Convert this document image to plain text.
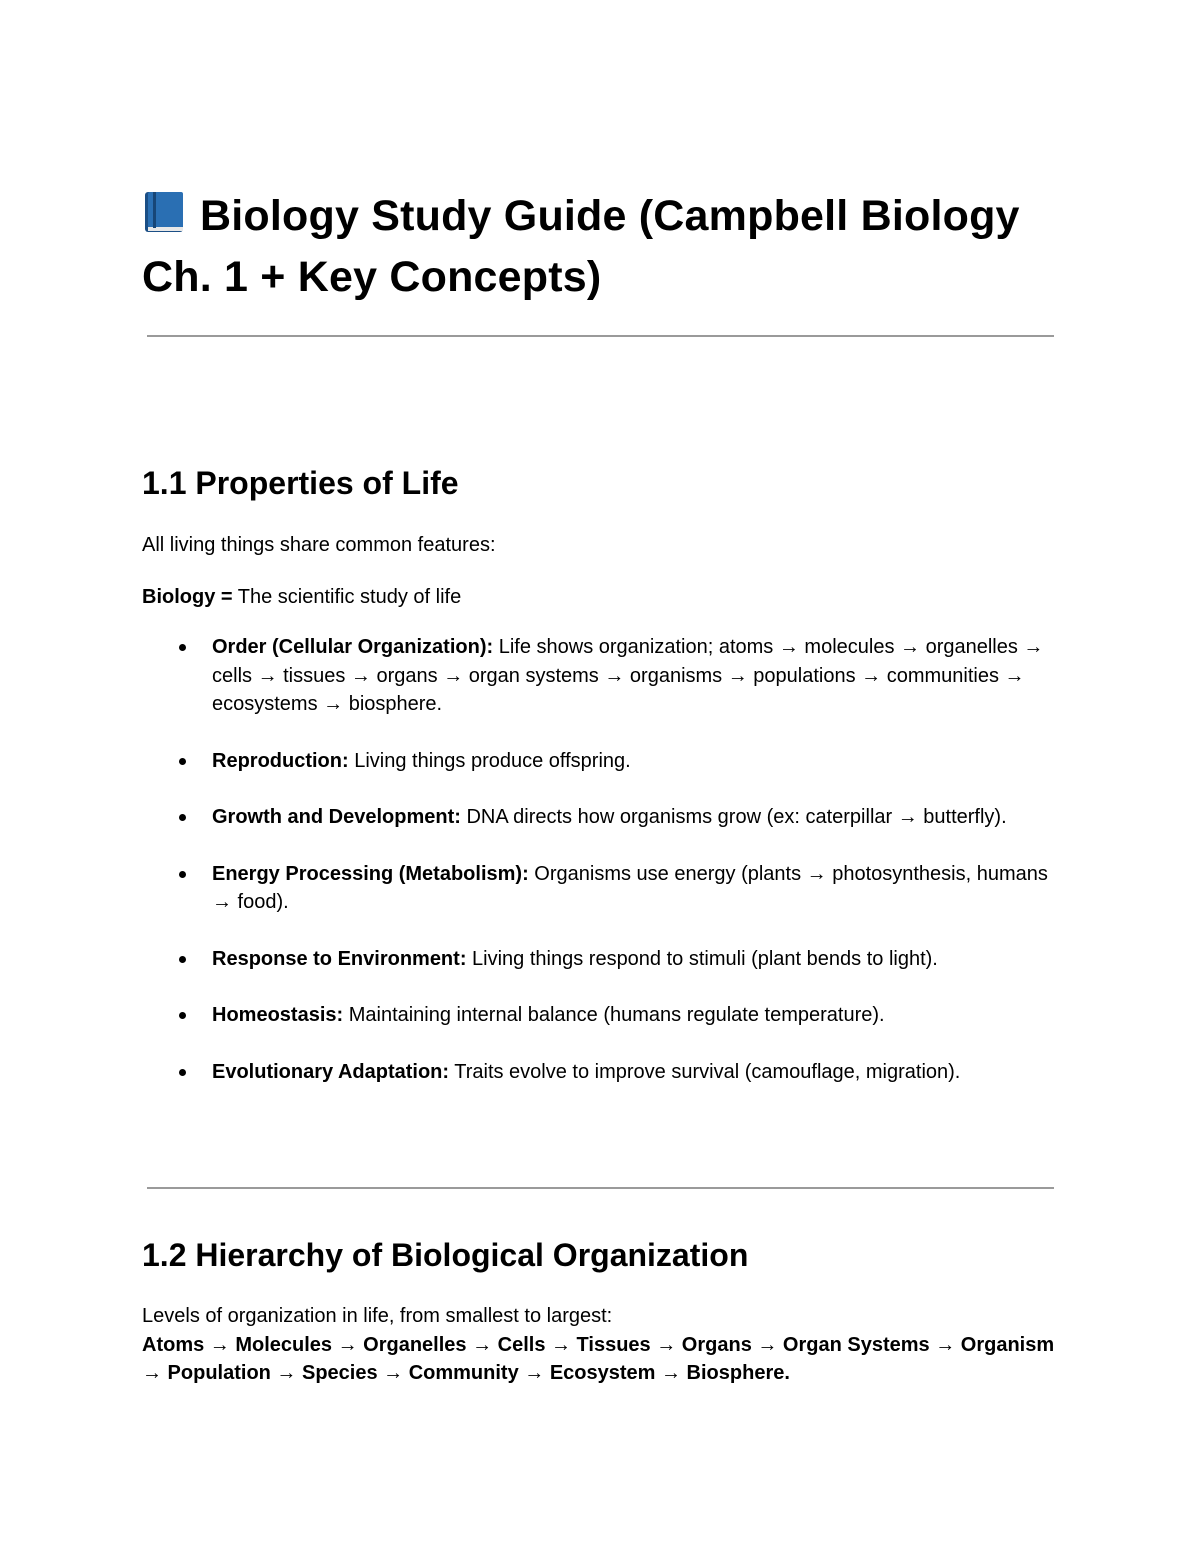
Biology Study Guide (Campbell Biology Ch. 1 + Key Concepts)
1.1 Properties of Life

All living things share common features:

Biology = The scientific study of life

Order (Cellular Organization): Life shows organization; atoms → molecules → organelles → cells → tissues → organs → organ systems → organisms → populations → communities → ecosystems → biosphere.
Reproduction: Living things produce offspring.
Growth and Development: DNA directs how organisms grow (ex: caterpillar → butterfly).
Energy Processing (Metabolism): Organisms use energy (plants → photosynthesis, humans → food).
Response to Environment: Living things respond to stimuli (plant bends to light).
Homeostasis: Maintaining internal balance (humans regulate temperature).
Evolutionary Adaptation: Traits evolve to improve survival (camouflage, migration).
1.2 Hierarchy of Biological Organization

Levels of organization in life, from smallest to largest:
Atoms → Molecules → Organelles → Cells → Tissues → Organs → Organ Systems → Organism → Population → Species → Community → Ecosystem → Biosphere.
